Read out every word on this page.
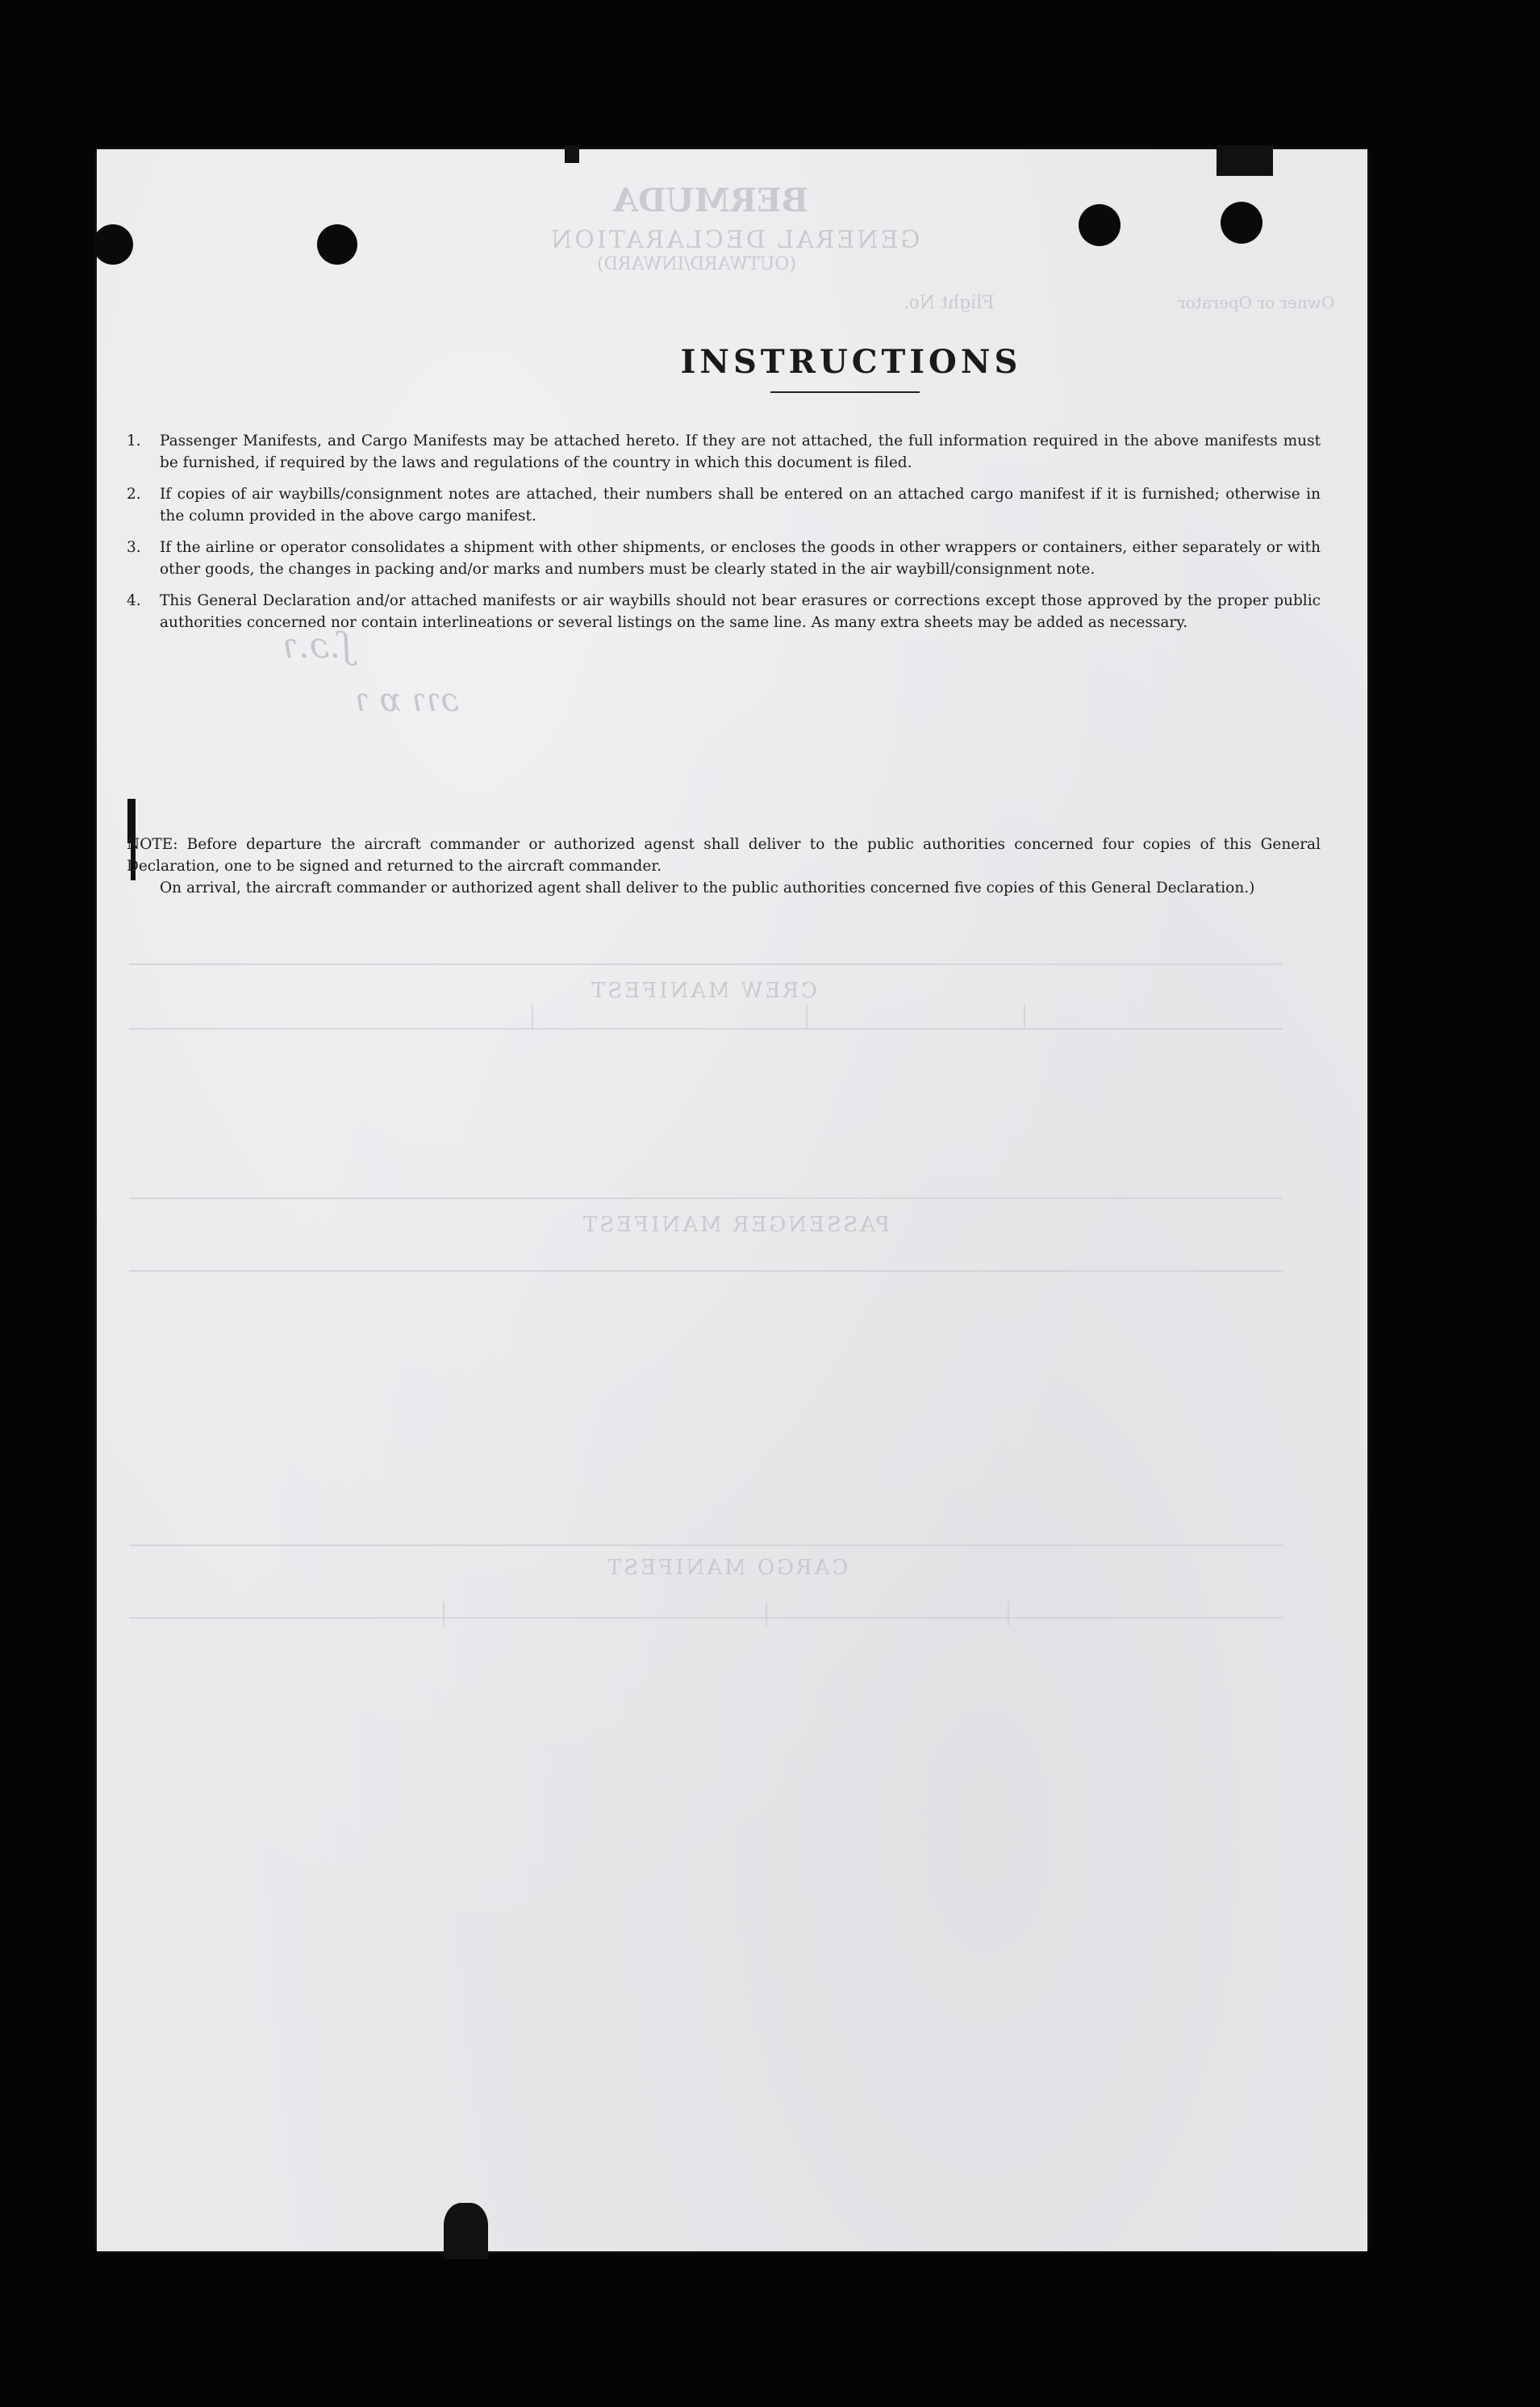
BERMUDA
GENERAL DECLARATION
(OUTWARD/INWARD)
Flight No.	Owner or Operator
CREW MANIFEST
PASSENGER MANIFEST
CARGO MANIFEST
ʃ.ɔ.ɿ
ɔɿɿ ɒ ɿ
INSTRUCTIONS
1.	Passenger Manifests, and Cargo Manifests may be attached hereto. If they are not attached, the full information required in the above manifests must be furnished, if required by the laws and regulations of the country in which this document is filed.
2.	If copies of air waybills/consignment notes are attached, their numbers shall be entered on an attached cargo manifest if it is furnished; otherwise in the column provided in the above cargo manifest.
3.	If the airline or operator consolidates a shipment with other shipments, or encloses the goods in other wrappers or containers, either separately or with other goods, the changes in packing and/or marks and numbers must be clearly stated in the air waybill/consignment note.
4.	This General Declaration and/or attached manifests or air waybills should not bear erasures or corrections except those approved by the proper public authorities concerned nor contain interlineations or several listings on the same line. As many extra sheets may be added as necessary.

NOTE: Before departure the aircraft commander or authorized agenst shall deliver to the public authorities concerned four copies of this General Declaration, one to be signed and returned to the aircraft commander.

On arrival, the aircraft commander or authorized agent shall deliver to the public authorities concerned five copies of this General Declaration.)
